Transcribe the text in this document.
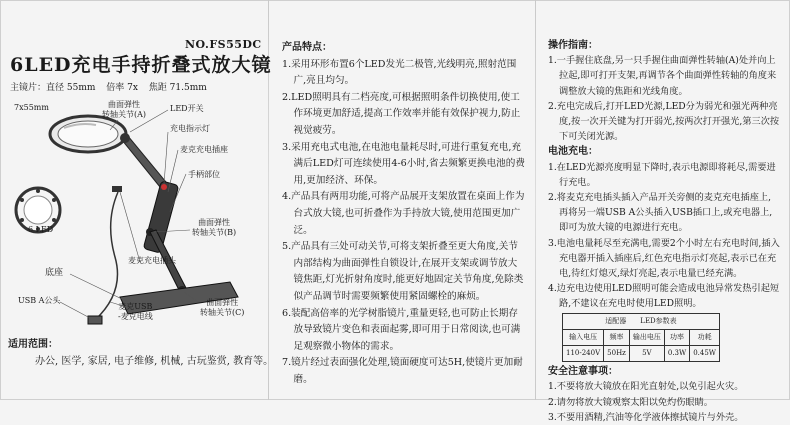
NO.FS55DC
6LED充电手持折叠式放大镜
主镜片：直径 55mm 倍率 7x 焦距 71.5mm
7x55mm	曲面弹性
转轴关节(A)
LED开关
充电指示灯
麦克充电插座
手柄部位
曲面弹性
转轴关节(B)
6 LED
麦克充电插头
底座
USB A公头
麦克USB
-麦克电线
曲面弹性
转轴关节(C)
适用范围：
办公, 医学, 家居, 电子维修, 机械, 古玩鉴赏, 教育等。

产品特点：

1.采用环形布置6个LED发光二极管,光线明亮,照射范围广,亮且均匀。

2.LED照明具有二档亮度,可根据照明条件切换使用,使工作环境更加舒适,提高工作效率并能有效保护视力,防止视觉疲劳。

3.采用充电式电池,在电池电量耗尽时,可进行重复充电,充满后LED灯可连续使用4-6小时,省去频繁更换电池的费用,更加经济、环保。

4.产品具有两用功能,可将产品展开支架放置在桌面上作为台式放大镜,也可折叠作为手持放大镜,使用范围更加广泛。

5.产品具有三处可动关节,可将支架折叠至更大角度,关节内部结构为曲面弹性自锁设计,在展开支架或调节放大镜焦距,灯光折射角度时,能更好地固定关节角度,免除类似产品调节时需要频繁使用紧固螺栓的麻烦。

6.装配高倍率的光学树脂镜片,重量更轻,也可防止长期存放导致镜片变色和表面起雾,即可用于日常阅读,也可满足观察微小物体的需求。

7.镜片经过表面强化处理,镜面硬度可达5H,使镜片更加耐磨。

操作指南：

1.一手握住底盘,另一只手握住曲面弹性转轴(A)处并向上拉起,即可打开支架,再调节各个曲面弹性转轴的角度来调整放大镜的焦距和光线角度。

2.充电完成后,打开LED光源,LED分为弱光和强光两种亮度,按一次开关键为打开弱光,按两次打开强光,第三次按下可关闭光源。

电池充电：

1.在LED光源亮度明显下降时,表示电源即将耗尽,需要进行充电。

2.将麦克充电插头插入产品开关旁侧的麦克充电插座上,再将另一端USB A公头插入USB插口上,或充电器上,即可为放大镜的电源进行充电。

3.电池电量耗尽至充满电,需要2个小时左右充电时间,插入充电器开插入插座后,红色充电指示灯亮起,表示已在充电,待红灯熄灭,绿灯亮起,表示电量已经充满。

4.边充电边使用LED照明可能会造成电池异常发热引起短路,不建议在充电时使用LED照明。

适配器　　LED参数表				
输入电压	频率	输出电压	功率	功耗
110-240V	50Hz	5V	0.3W	0.45W

安全注意事项：

1.不要将放大镜放在阳光直射处,以免引起火灾。

2.请勿将放大镜观察太阳以免灼伤眼睛。

3.不要用酒精,汽油等化学液体擦拭镜片与外壳。
